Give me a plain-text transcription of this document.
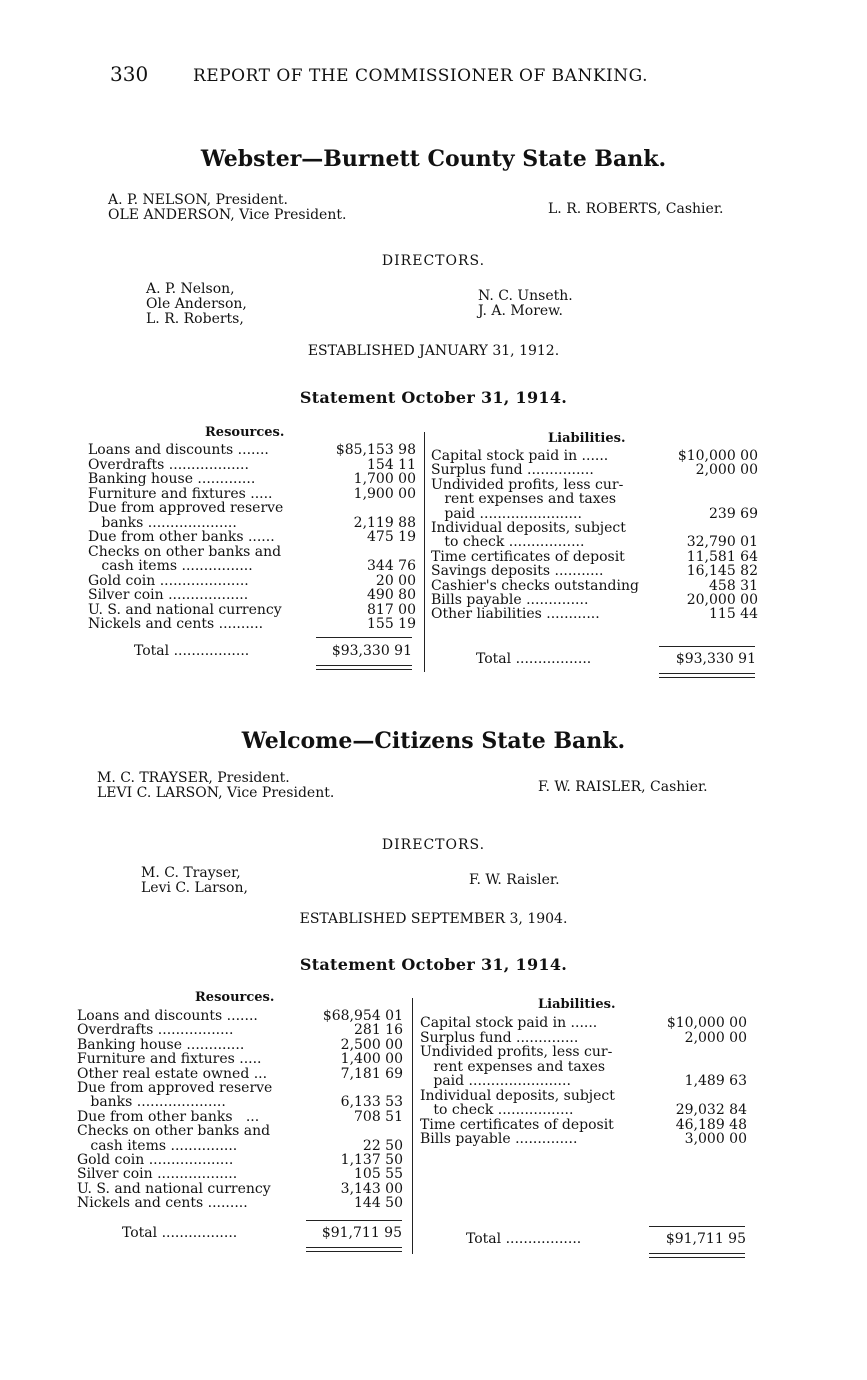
330	REPORT OF THE COMMISSIONER OF BANKING.
Webster—Burnett County State Bank.
A. P. NELSON, President.
OLE ANDERSON, Vice President.	L. R. ROBERTS, Cashier.
DIRECTORS.
A. P. Nelson,
Ole Anderson,
L. R. Roberts,
N. C. Unseth.
J. A. Morew.
ESTABLISHED JANUARY 31, 1912.
Statement October 31, 1914.
Resources.	Liabilities.
Loans and discounts .......	$85,153 98
Overdrafts ..................	154 11
Banking house .............	1,700 00
Furniture and fixtures .....	1,900 00
Due from approved reserve
banks ....................	2,119 88
Due from other banks ......	475 19
Checks on other banks and
cash items ................	344 76
Gold coin ....................	20 00
Silver coin ..................	490 80
U. S. and national currency	817 00
Nickels and cents ..........	155 19
Capital stock paid in ......	$10,000 00
Surplus fund ...............	2,000 00
Undivided profits, less cur-
rent expenses and taxes
paid .......................	239 69
Individual deposits, subject
to check .................	32,790 01
Time certificates of deposit	11,581 64
Savings deposits ...........	16,145 82
Cashier's checks outstanding	458 31
Bills payable ..............	20,000 00
Other liabilities ............	115 44
Total .................	$93,330 91	Total .................	$93,330 91
Welcome—Citizens State Bank.
M. C. TRAYSER, President.
LEVI C. LARSON, Vice President.	F. W. RAISLER, Cashier.
DIRECTORS.
M. C. Trayser,
Levi C. Larson,	F. W. Raisler.
ESTABLISHED SEPTEMBER 3, 1904.
Statement October 31, 1914.
Resources.	Liabilities.
Loans and discounts .......	$68,954 01
Overdrafts .................	281 16
Banking house .............	2,500 00
Furniture and fixtures .....	1,400 00
Other real estate owned ...	7,181 69
Due from approved reserve
banks ....................	6,133 53
Due from other banks   ...	708 51
Checks on other banks and
cash items ...............	22 50
Gold coin ...................	1,137 50
Silver coin ..................	105 55
U. S. and national currency	3,143 00
Nickels and cents .........	144 50
Capital stock paid in ......	$10,000 00
Surplus fund ..............	2,000 00
Undivided profits, less cur-
rent expenses and taxes
paid .......................	1,489 63
Individual deposits, subject
to check .................	29,032 84
Time certificates of deposit	46,189 48
Bills payable ..............	3,000 00
Total .................	$91,711 95	Total .................	$91,711 95
